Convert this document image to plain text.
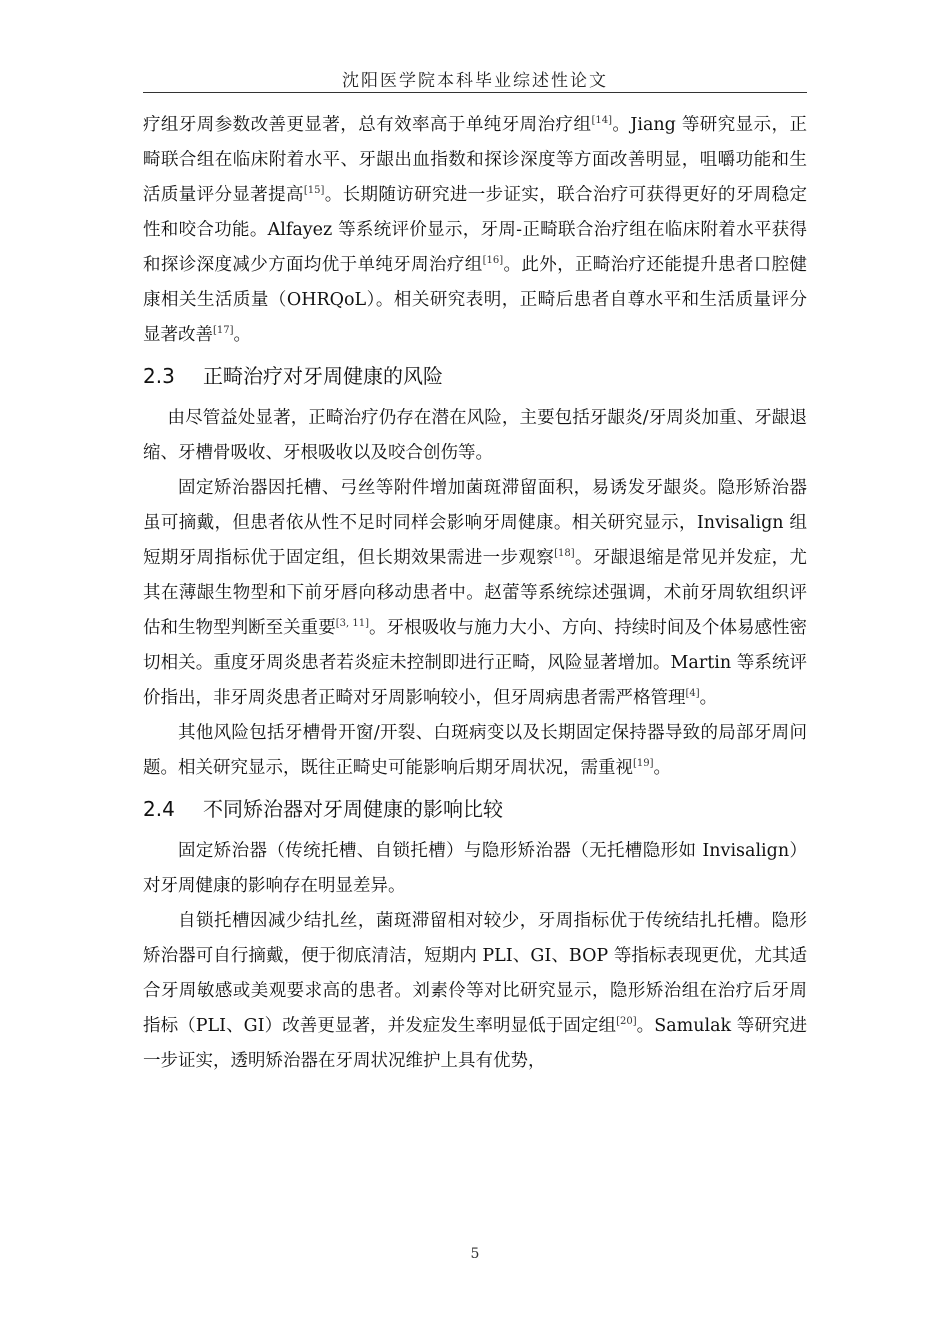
沈阳医学院本科毕业综述性论文

疗组牙周参数改善更显著，总有效率高于单纯牙周治疗组[14]。Jiang 等研究显示，正畸联合组在临床附着水平、牙龈出血指数和探诊深度等方面改善明显，咀嚼功能和生活质量评分显著提高[15]。长期随访研究进一步证实，联合治疗可获得更好的牙周稳定性和咬合功能。Alfayez 等系统评价显示，牙周-正畸联合治疗组在临床附着水平获得和探诊深度减少方面均优于单纯牙周治疗组[16]。此外，正畸治疗还能提升患者口腔健康相关生活质量（OHRQoL）。相关研究表明，正畸后患者自尊水平和生活质量评分显著改善[17]。

2.3 正畸治疗对牙周健康的风险

由尽管益处显著，正畸治疗仍存在潜在风险，主要包括牙龈炎/牙周炎加重、牙龈退缩、牙槽骨吸收、牙根吸收以及咬合创伤等。

固定矫治器因托槽、弓丝等附件增加菌斑滞留面积，易诱发牙龈炎。隐形矫治器虽可摘戴，但患者依从性不足时同样会影响牙周健康。相关研究显示，Invisalign 组短期牙周指标优于固定组，但长期效果需进一步观察[18]。牙龈退缩是常见并发症，尤其在薄龈生物型和下前牙唇向移动患者中。赵蕾等系统综述强调，术前牙周软组织评估和生物型判断至关重要[3, 11]。牙根吸收与施力大小、方向、持续时间及个体易感性密切相关。重度牙周炎患者若炎症未控制即进行正畸，风险显著增加。Martin 等系统评价指出，非牙周炎患者正畸对牙周影响较小，但牙周病患者需严格管理[4]。

其他风险包括牙槽骨开窗/开裂、白斑病变以及长期固定保持器导致的局部牙周问题。相关研究显示，既往正畸史可能影响后期牙周状况，需重视[19]。

2.4 不同矫治器对牙周健康的影响比较

固定矫治器（传统托槽、自锁托槽）与隐形矫治器（无托槽隐形如 Invisalign）对牙周健康的影响存在明显差异。

自锁托槽因减少结扎丝，菌斑滞留相对较少，牙周指标优于传统结扎托槽。隐形矫治器可自行摘戴，便于彻底清洁，短期内 PLI、GI、BOP 等指标表现更优，尤其适合牙周敏感或美观要求高的患者。刘素伶等对比研究显示，隐形矫治组在治疗后牙周指标（PLI、GI）改善更显著，并发症发生率明显低于固定组[20]。Samulak 等研究进一步证实，透明矫治器在牙周状况维护上具有优势，

5
